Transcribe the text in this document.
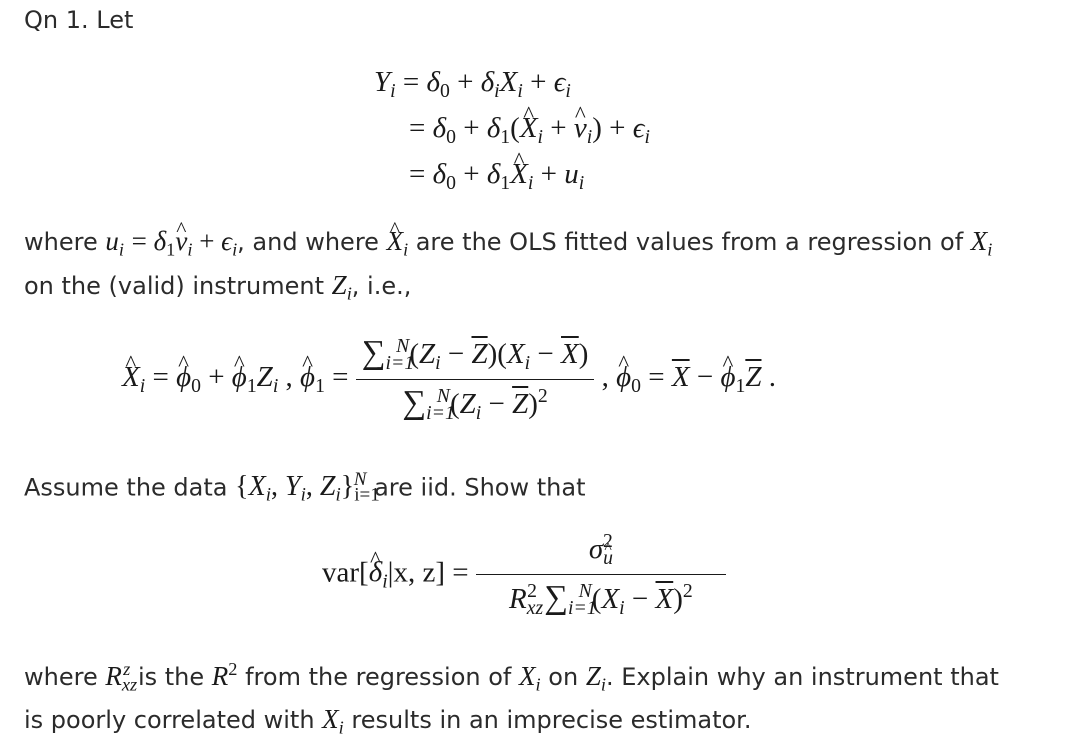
Qn 1. Let
$Y_i = \delta_0 + \delta_iX_i + \epsilon_i$
= $\delta_0$ + $\delta_1(\^{}$ $X_i$ + ^ $v_i) + \epsilon_i$
= $\delta_0$ + $\delta_1\^{}$ $X_i + u_i$
where $u_i$ = $\delta_1\^{}$ $v_i + \epsilon_i$, and where ^ $X_i$ are the OLS fitted values from a regression of $X_i$
on the (valid) instrument $Z_i$, i.e.,
^ $X_i$ = ^ $\phi_0$ + ^ $\phi_1Z_i$ , ^ $\phi_1 = \frac{\sum_{i=1}^N(Z_i - \overline{Z})(X_i - \overline{X})}{\sum_{i=1}^N(Z_i - \overline{Z})^2}$ , ^ $\phi_0 = \overline{X}$ − ^ $\phi_1\overline{Z}$ .
Assume the data {$X_i$, $Y_i$, $Z_i\}_{i=1}^N$ are iid. Show that
var[^ $\delta_i|x$, $z] = \frac{\sigma\^{} _u^2}{R_{xz}^2 \sum_{i=1}^N(X_i - \overline{X})^2}$
where $R_{xz}^z$ is the $R^2$ from the regression of $X_i$ on $Z_i$. Explain why an instrument that
is poorly correlated with $X_i$ results in an imprecise estimator.
